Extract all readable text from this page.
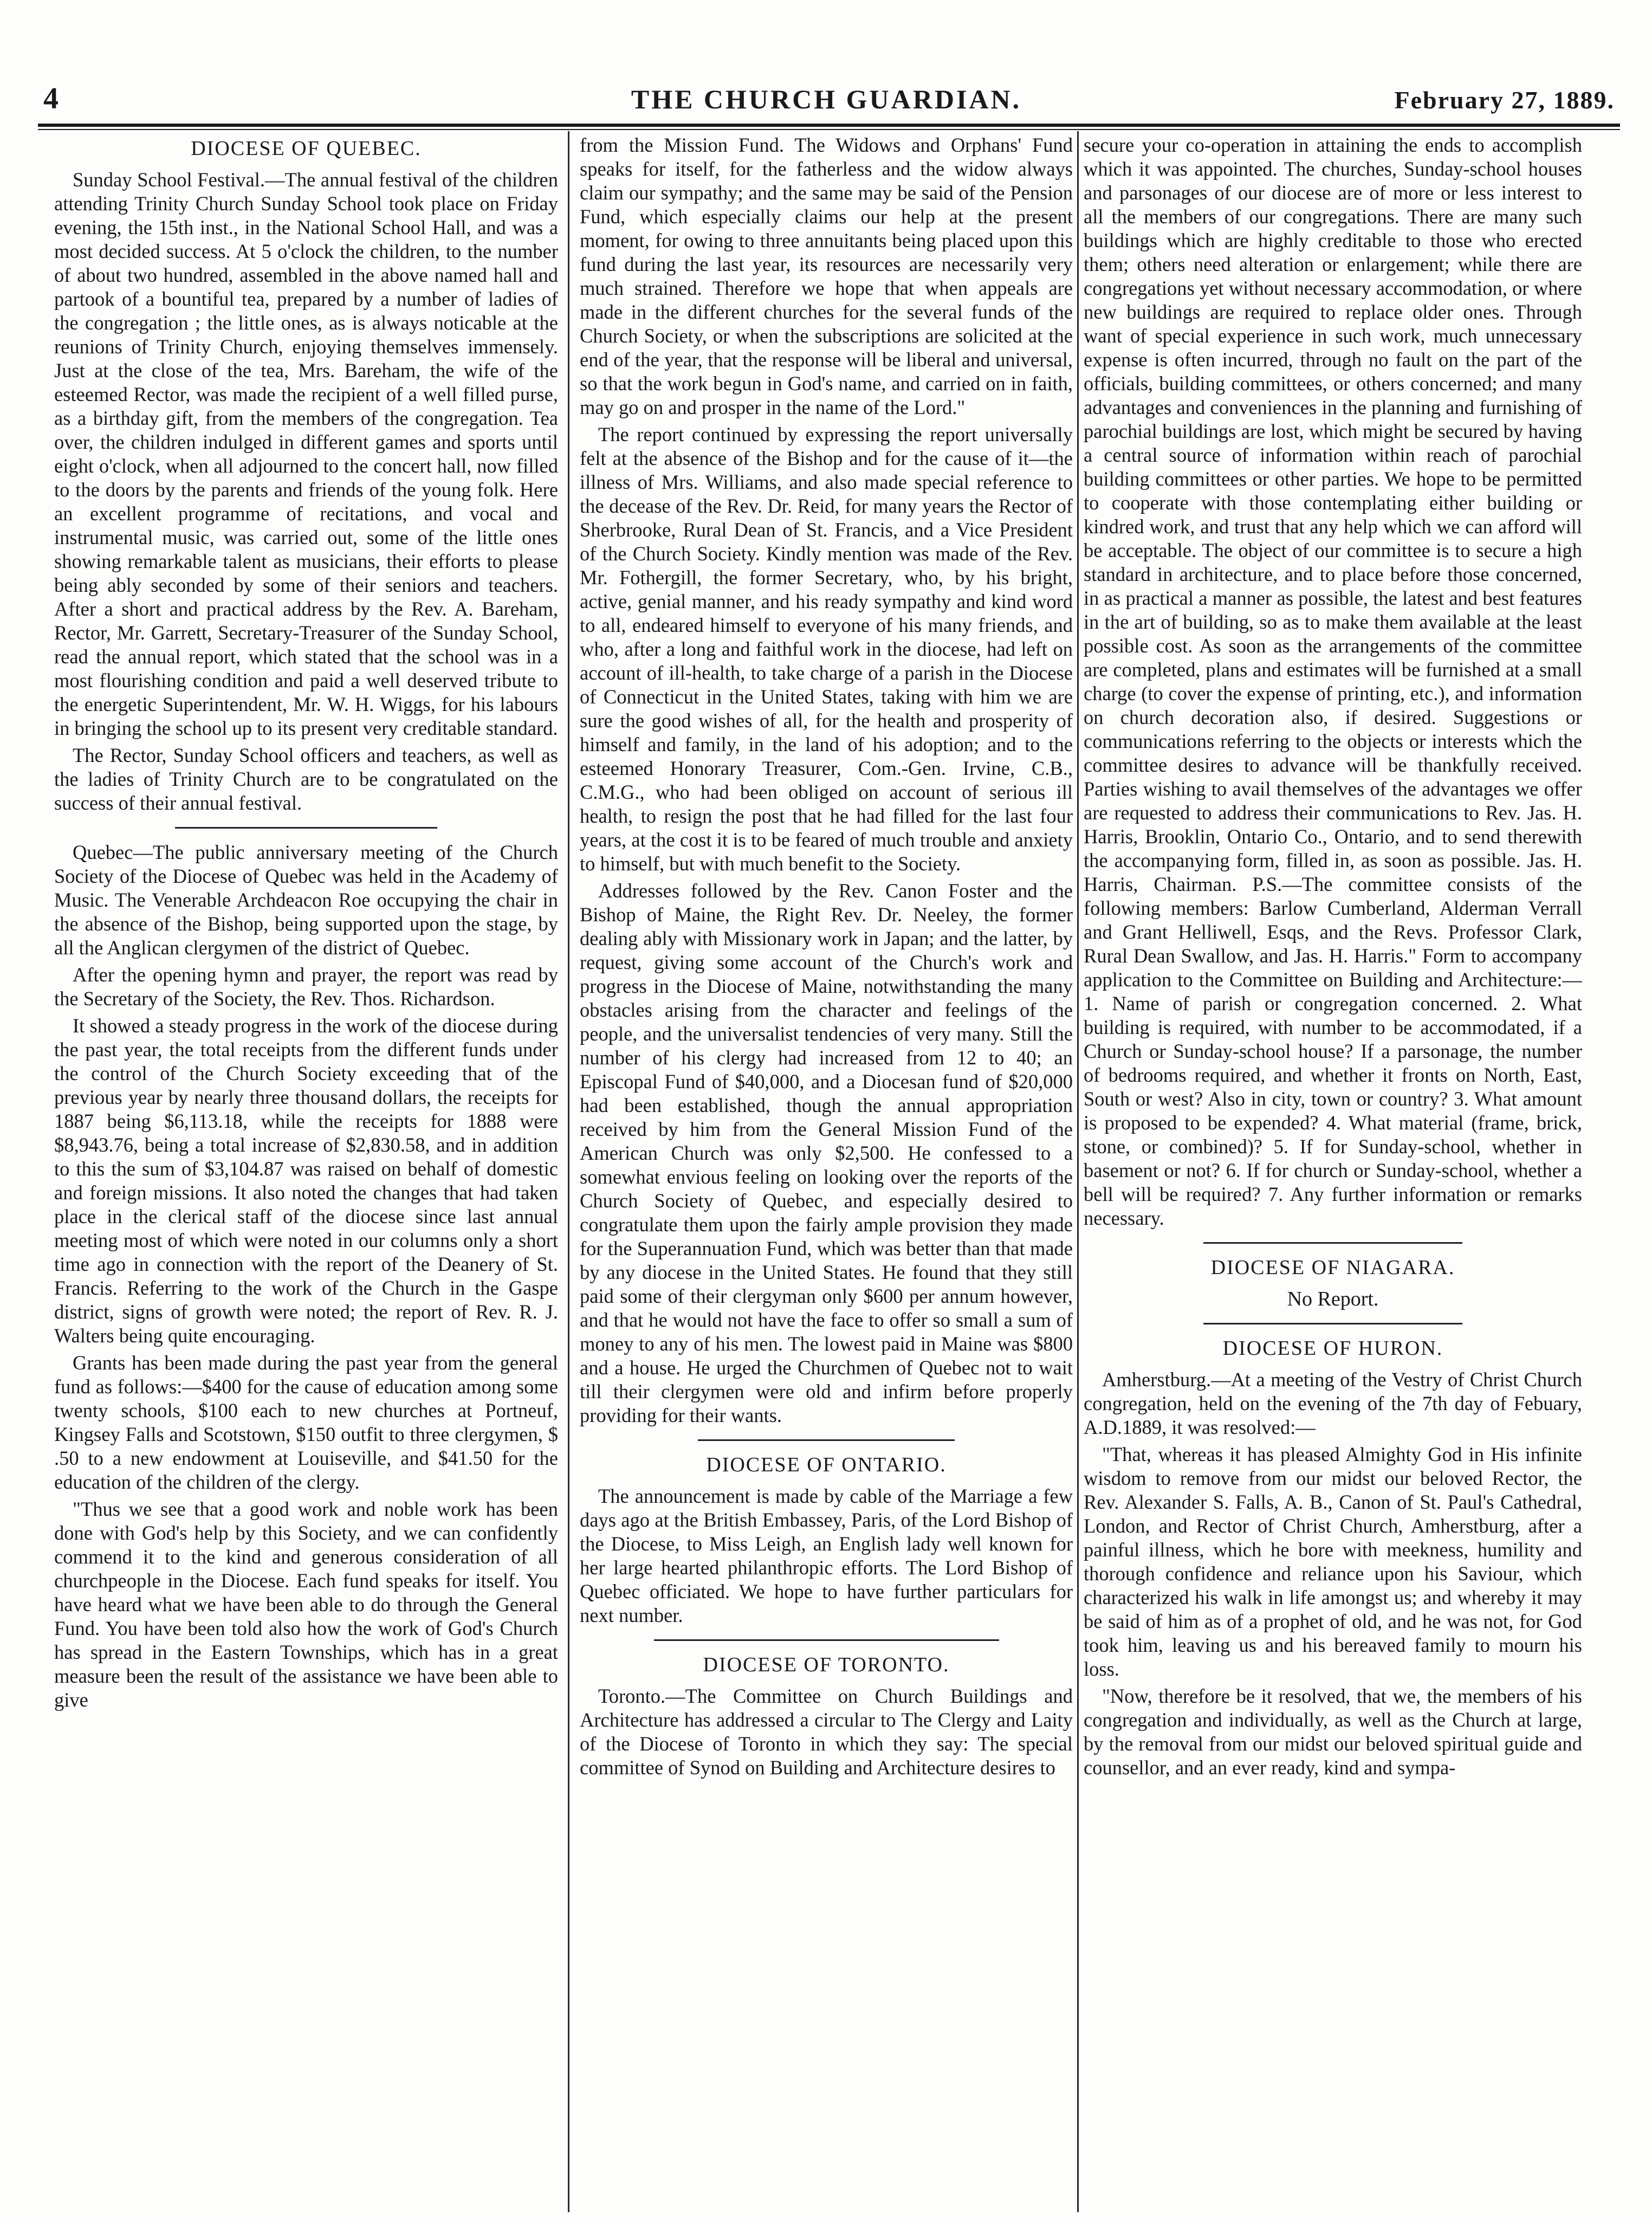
4	THE CHURCH GUARDIAN.	February 27, 1889.
DIOCESE OF QUEBEC.

Sunday School Festival.—The annual festival of the children attending Trinity Church Sunday School took place on Friday evening, the 15th inst., in the National School Hall, and was a most decided success. At 5 o'clock the children, to the number of about two hundred, assembled in the above named hall and partook of a bountiful tea, prepared by a number of ladies of the congregation ; the little ones, as is always noticable at the reunions of Trinity Church, enjoying themselves immensely. Just at the close of the tea, Mrs. Bareham, the wife of the esteemed Rector, was made the recipient of a well filled purse, as a birthday gift, from the members of the congregation. Tea over, the children indulged in different games and sports until eight o'clock, when all adjourned to the concert hall, now filled to the doors by the parents and friends of the young folk. Here an excellent programme of recitations, and vocal and instrumental music, was carried out, some of the little ones showing remarkable talent as musicians, their efforts to please being ably seconded by some of their seniors and teachers. After a short and practical address by the Rev. A. Bareham, Rector, Mr. Garrett, Secretary-Treasurer of the Sunday School, read the annual report, which stated that the school was in a most flourishing condition and paid a well deserved tribute to the energetic Superintendent, Mr. W. H. Wiggs, for his labours in bringing the school up to its present very creditable standard.

The Rector, Sunday School officers and teachers, as well as the ladies of Trinity Church are to be congratulated on the success of their annual festival.

Quebec—The public anniversary meeting of the Church Society of the Diocese of Quebec was held in the Academy of Music. The Venerable Archdeacon Roe occupying the chair in the absence of the Bishop, being supported upon the stage, by all the Anglican clergymen of the district of Quebec.

After the opening hymn and prayer, the report was read by the Secretary of the Society, the Rev. Thos. Richardson.

It showed a steady progress in the work of the diocese during the past year, the total receipts from the different funds under the control of the Church Society exceeding that of the previous year by nearly three thousand dollars, the receipts for 1887 being $6,113.18, while the receipts for 1888 were $8,943.76, being a total increase of $2,830.58, and in addition to this the sum of $3,104.87 was raised on behalf of domestic and foreign missions. It also noted the changes that had taken place in the clerical staff of the diocese since last annual meeting most of which were noted in our columns only a short time ago in connection with the report of the Deanery of St. Francis. Referring to the work of the Church in the Gaspe district, signs of growth were noted; the report of Rev. R. J. Walters being quite encouraging.

Grants has been made during the past year from the general fund as follows:—$400 for the cause of education among some twenty schools, $100 each to new churches at Portneuf, Kingsey Falls and Scotstown, $150 outfit to three clergymen, $ .50 to a new endowment at Louiseville, and $41.50 for the education of the children of the clergy.

"Thus we see that a good work and noble work has been done with God's help by this Society, and we can confidently commend it to the kind and generous consideration of all churchpeople in the Diocese. Each fund speaks for itself. You have heard what we have been able to do through the General Fund. You have been told also how the work of God's Church has spread in the Eastern Townships, which has in a great measure been the result of the assistance we have been able to give

from the Mission Fund. The Widows and Orphans' Fund speaks for itself, for the fatherless and the widow always claim our sympathy; and the same may be said of the Pension Fund, which especially claims our help at the present moment, for owing to three annuitants being placed upon this fund during the last year, its resources are necessarily very much strained. Therefore we hope that when appeals are made in the different churches for the several funds of the Church Society, or when the subscriptions are solicited at the end of the year, that the response will be liberal and universal, so that the work begun in God's name, and carried on in faith, may go on and prosper in the name of the Lord."

The report continued by expressing the report universally felt at the absence of the Bishop and for the cause of it—the illness of Mrs. Williams, and also made special reference to the decease of the Rev. Dr. Reid, for many years the Rector of Sherbrooke, Rural Dean of St. Francis, and a Vice President of the Church Society. Kindly mention was made of the Rev. Mr. Fothergill, the former Secretary, who, by his bright, active, genial manner, and his ready sympathy and kind word to all, endeared himself to everyone of his many friends, and who, after a long and faithful work in the diocese, had left on account of ill-health, to take charge of a parish in the Diocese of Connecticut in the United States, taking with him we are sure the good wishes of all, for the health and prosperity of himself and family, in the land of his adoption; and to the esteemed Honorary Treasurer, Com.-Gen. Irvine, C.B., C.M.G., who had been obliged on account of serious ill health, to resign the post that he had filled for the last four years, at the cost it is to be feared of much trouble and anxiety to himself, but with much benefit to the Society.

Addresses followed by the Rev. Canon Foster and the Bishop of Maine, the Right Rev. Dr. Neeley, the former dealing ably with Missionary work in Japan; and the latter, by request, giving some account of the Church's work and progress in the Diocese of Maine, notwithstanding the many obstacles arising from the character and feelings of the people, and the universalist tendencies of very many. Still the number of his clergy had increased from 12 to 40; an Episcopal Fund of $40,000, and a Diocesan fund of $20,000 had been established, though the annual appropriation received by him from the General Mission Fund of the American Church was only $2,500. He confessed to a somewhat envious feeling on looking over the reports of the Church Society of Quebec, and especially desired to congratulate them upon the fairly ample provision they made for the Superannuation Fund, which was better than that made by any diocese in the United States. He found that they still paid some of their clergyman only $600 per annum however, and that he would not have the face to offer so small a sum of money to any of his men. The lowest paid in Maine was $800 and a house. He urged the Churchmen of Quebec not to wait till their clergymen were old and infirm before properly providing for their wants.

DIOCESE OF ONTARIO.

The announcement is made by cable of the Marriage a few days ago at the British Embassey, Paris, of the Lord Bishop of the Diocese, to Miss Leigh, an English lady well known for her large hearted philanthropic efforts. The Lord Bishop of Quebec officiated. We hope to have further particulars for next number.

DIOCESE OF TORONTO.

Toronto.—The Committee on Church Buildings and Architecture has addressed a circular to The Clergy and Laity of the Diocese of Toronto in which they say: The special committee of Synod on Building and Architecture desires to

secure your co-operation in attaining the ends to accomplish which it was appointed. The churches, Sunday-school houses and parsonages of our diocese are of more or less interest to all the members of our congregations. There are many such buildings which are highly creditable to those who erected them; others need alteration or enlargement; while there are congregations yet without necessary accommodation, or where new buildings are required to replace older ones. Through want of special experience in such work, much unnecessary expense is often incurred, through no fault on the part of the officials, building committees, or others concerned; and many advantages and conveniences in the planning and furnishing of parochial buildings are lost, which might be secured by having a central source of information within reach of parochial building committees or other parties. We hope to be permitted to cooperate with those contemplating either building or kindred work, and trust that any help which we can afford will be acceptable. The object of our committee is to secure a high standard in architecture, and to place before those concerned, in as practical a manner as possible, the latest and best features in the art of building, so as to make them available at the least possible cost. As soon as the arrangements of the committee are completed, plans and estimates will be furnished at a small charge (to cover the expense of printing, etc.), and information on church decoration also, if desired. Suggestions or communications referring to the objects or interests which the committee desires to advance will be thankfully received. Parties wishing to avail themselves of the advantages we offer are requested to address their communications to Rev. Jas. H. Harris, Brooklin, Ontario Co., Ontario, and to send therewith the accompanying form, filled in, as soon as possible. Jas. H. Harris, Chairman. P.S.—The committee consists of the following members: Barlow Cumberland, Alderman Verrall and Grant Helliwell, Esqs, and the Revs. Professor Clark, Rural Dean Swallow, and Jas. H. Harris." Form to accompany application to the Committee on Building and Architecture:—1. Name of parish or congregation concerned. 2. What building is required, with number to be accommodated, if a Church or Sunday-school house? If a parsonage, the number of bedrooms required, and whether it fronts on North, East, South or west? Also in city, town or country? 3. What amount is proposed to be expended? 4. What material (frame, brick, stone, or combined)? 5. If for Sunday-school, whether in basement or not? 6. If for church or Sunday-school, whether a bell will be required? 7. Any further information or remarks necessary.

DIOCESE OF NIAGARA.
No Report.
DIOCESE OF HURON.

Amherstburg.—At a meeting of the Vestry of Christ Church congregation, held on the evening of the 7th day of Febuary, A.D.1889, it was resolved:—

"That, whereas it has pleased Almighty God in His infinite wisdom to remove from our midst our beloved Rector, the Rev. Alexander S. Falls, A. B., Canon of St. Paul's Cathedral, London, and Rector of Christ Church, Amherstburg, after a painful illness, which he bore with meekness, humility and thorough confidence and reliance upon his Saviour, which characterized his walk in life amongst us; and whereby it may be said of him as of a prophet of old, and he was not, for God took him, leaving us and his bereaved family to mourn his loss.

"Now, therefore be it resolved, that we, the members of his congregation and individually, as well as the Church at large, by the removal from our midst our beloved spiritual guide and counsellor, and an ever ready, kind and sympa-
